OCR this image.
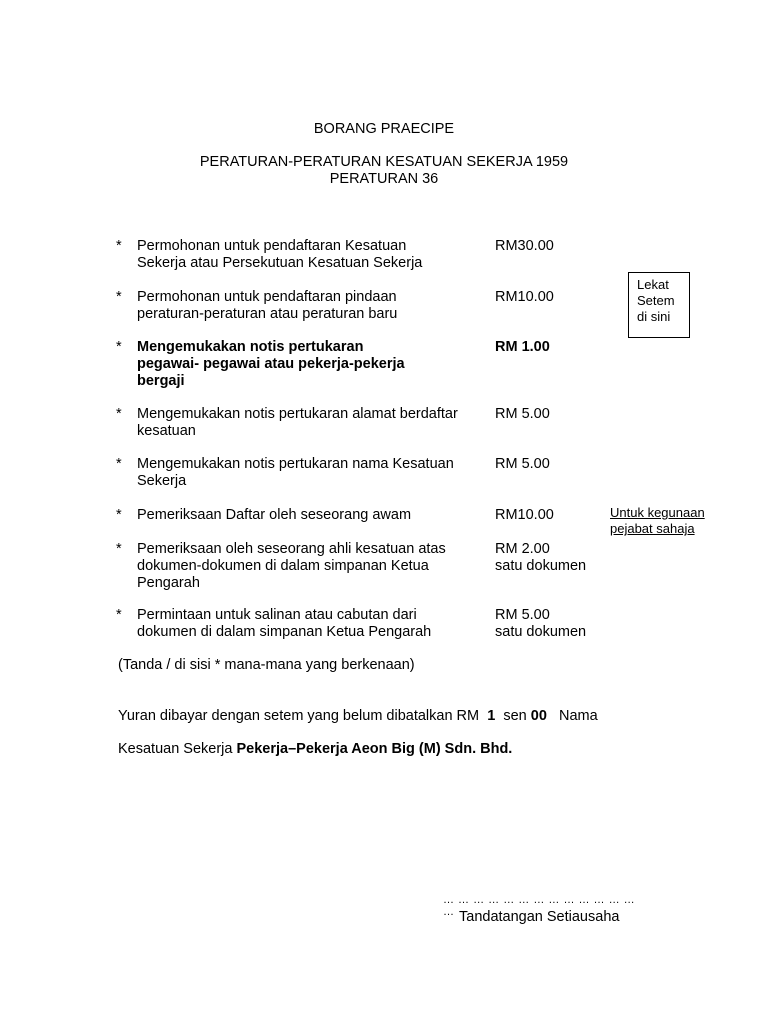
BORANG PRAECIPE
PERATURAN-PERATURAN KESATUAN SEKERJA 1959
PERATURAN 36
*	Permohonan untuk pendaftaran Kesatuan
Sekerja atau Persekutuan Kesatuan Sekerja
RM30.00
*	Permohonan untuk pendaftaran pindaan
peraturan-peraturan atau peraturan baru
RM10.00
*	Mengemukakan notis pertukaran
pegawai- pegawai atau pekerja-pekerja
bergaji
RM 1.00
*	Mengemukakan notis pertukaran alamat berdaftar
kesatuan
RM 5.00
*	Mengemukakan notis pertukaran nama Kesatuan
Sekerja
RM 5.00
*	Pemeriksaan Daftar oleh seseorang awam	RM10.00
*	Pemeriksaan oleh seseorang ahli kesatuan atas
dokumen-dokumen di dalam simpanan Ketua
Pengarah
RM 2.00
satu dokumen
*	Permintaan untuk salinan atau cabutan dari
dokumen di dalam simpanan Ketua Pengarah
RM 5.00
satu dokumen
Lekat
Setem
di sini
Untuk kegunaan
pejabat sahaja
(Tanda / di sisi * mana-mana yang berkenaan)
Yuran dibayar dengan setem yang belum dibatalkan RM 1 sen 00 Nama
Kesatuan Sekerja Pekerja–Pekerja Aeon Big (M) Sdn. Bhd.
… … … … … … … … … … … … … … Tandatangan Setiausaha
